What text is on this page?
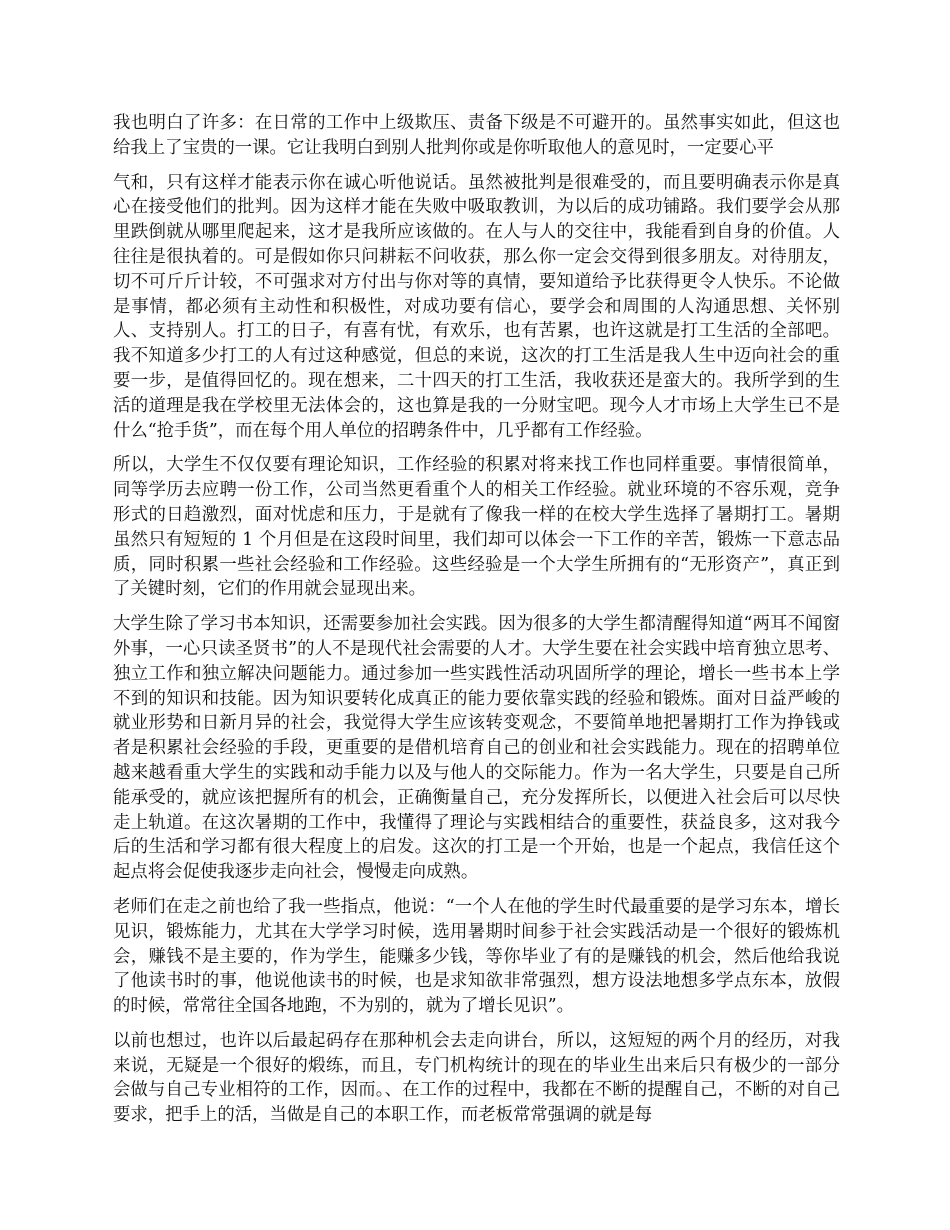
我也明白了许多：在日常的工作中上级欺压、责备下级是不可避开的。虽然事实如此，但这也给我上了宝贵的一课。它让我明白到别人批判你或是你听取他人的意见时，一定要心平

气和，只有这样才能表示你在诚心听他说话。虽然被批判是很难受的，而且要明确表示你是真心在接受他们的批判。因为这样才能在失败中吸取教训，为以后的成功铺路。我们要学会从那里跌倒就从哪里爬起来，这才是我所应该做的。在人与人的交往中，我能看到自身的价值。人往往是很执着的。可是假如你只问耕耘不问收获，那么你一定会交得到很多朋友。对待朋友，切不可斤斤计较，不可强求对方付出与你对等的真情，要知道给予比获得更令人快乐。不论做是事情，都必须有主动性和积极性，对成功要有信心，要学会和周围的人沟通思想、关怀别人、支持别人。打工的日子，有喜有忧，有欢乐，也有苦累，也许这就是打工生活的全部吧。我不知道多少打工的人有过这种感觉，但总的来说，这次的打工生活是我人生中迈向社会的重要一步，是值得回忆的。现在想来，二十四天的打工生活，我收获还是蛮大的。我所学到的生活的道理是我在学校里无法体会的，这也算是我的一分财宝吧。现今人才市场上大学生已不是什么“抢手货”，而在每个用人单位的招聘条件中，几乎都有工作经验。

所以，大学生不仅仅要有理论知识，工作经验的积累对将来找工作也同样重要。事情很简单，同等学历去应聘一份工作，公司当然更看重个人的相关工作经验。就业环境的不容乐观，竞争形式的日趋激烈，面对忧虑和压力，于是就有了像我一样的在校大学生选择了暑期打工。暑期虽然只有短短的 1 个月但是在这段时间里，我们却可以体会一下工作的辛苦，锻炼一下意志品质，同时积累一些社会经验和工作经验。这些经验是一个大学生所拥有的“无形资产”，真正到了关键时刻，它们的作用就会显现出来。

大学生除了学习书本知识，还需要参加社会实践。因为很多的大学生都清醒得知道“两耳不闻窗外事，一心只读圣贤书”的人不是现代社会需要的人才。大学生要在社会实践中培育独立思考、独立工作和独立解决问题能力。通过参加一些实践性活动巩固所学的理论，增长一些书本上学不到的知识和技能。因为知识要转化成真正的能力要依靠实践的经验和锻炼。面对日益严峻的就业形势和日新月异的社会，我觉得大学生应该转变观念，不要简单地把暑期打工作为挣钱或者是积累社会经验的手段，更重要的是借机培育自己的创业和社会实践能力。现在的招聘单位越来越看重大学生的实践和动手能力以及与他人的交际能力。作为一名大学生，只要是自己所能承受的，就应该把握所有的机会，正确衡量自己，充分发挥所长，以便进入社会后可以尽快走上轨道。在这次暑期的工作中，我懂得了理论与实践相结合的重要性，获益良多，这对我今后的生活和学习都有很大程度上的启发。这次的打工是一个开始，也是一个起点，我信任这个起点将会促使我逐步走向社会，慢慢走向成熟。

老师们在走之前也给了我一些指点，他说：“一个人在他的学生时代最重要的是学习东本，增长见识，锻炼能力，尤其在大学学习时候，选用暑期时间参于社会实践活动是一个很好的锻炼机会，赚钱不是主要的，作为学生，能赚多少钱，等你毕业了有的是赚钱的机会，然后他给我说了他读书时的事，他说他读书的时候，也是求知欲非常强烈，想方设法地想多学点东本，放假的时候，常常往全国各地跑，不为别的，就为了增长见识”。

以前也想过，也许以后最起码存在那种机会去走向讲台，所以，这短短的两个月的经历，对我来说，无疑是一个很好的煅练，而且，专门机构统计的现在的毕业生出来后只有极少的一部分会做与自己专业相符的工作，因而。、在工作的过程中，我都在不断的提醒自己，不断的对自己要求，把手上的活，当做是自己的本职工作，而老板常常强调的就是每
